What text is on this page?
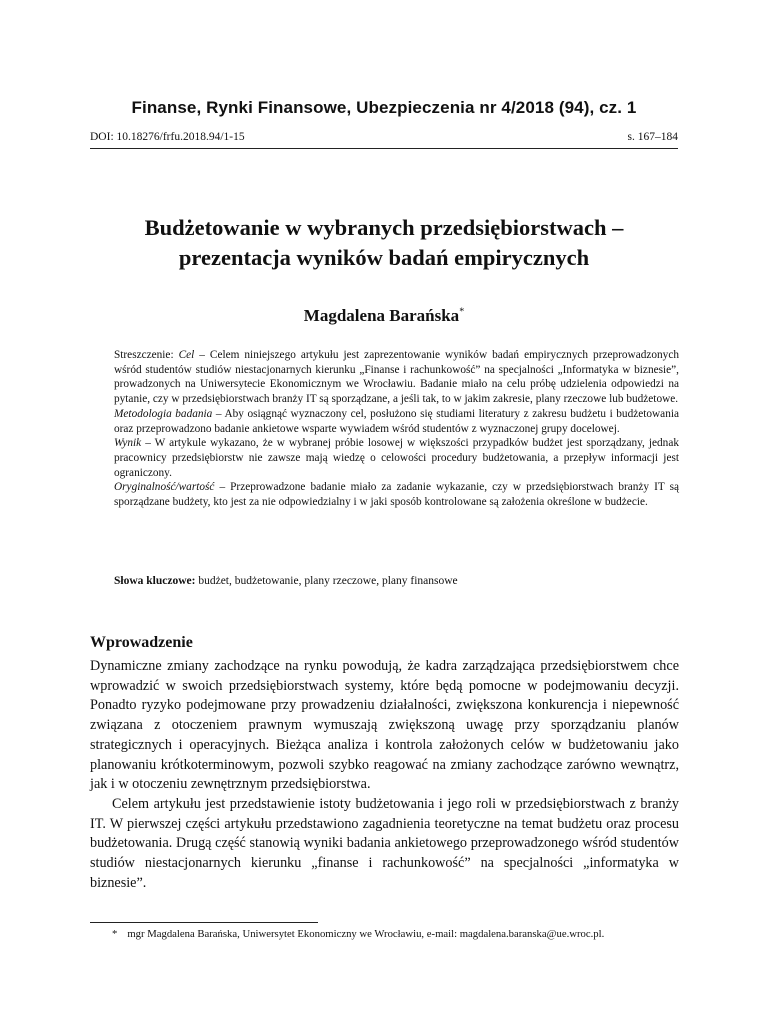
Finanse, Rynki Finansowe, Ubezpieczenia nr 4/2018 (94), cz. 1
DOI: 10.18276/frfu.2018.94/1-15	s. 167–184
Budżetowanie w wybranych przedsiębiorstwach –
prezentacja wyników badań empirycznych
Magdalena Barańska*

Streszczenie: Cel – Celem niniejszego artykułu jest zaprezentowanie wyników badań empirycznych przeprowadzonych wśród studentów studiów niestacjonarnych kierunku „Finanse i rachunkowość” na specjalności „Informatyka w biznesie”, prowadzonych na Uniwersytecie Ekonomicznym we Wrocławiu. Badanie miało na celu próbę udzielenia odpowiedzi na pytanie, czy w przedsiębiorstwach branży IT są sporządzane, a jeśli tak, to w jakim zakresie, plany rzeczowe lub budżetowe.

Metodologia badania – Aby osiągnąć wyznaczony cel, posłużono się studiami literatury z zakresu budżetu i budżetowania oraz przeprowadzono badanie ankietowe wsparte wywiadem wśród studentów z wyznaczonej grupy docelowej.

Wynik – W artykule wykazano, że w wybranej próbie losowej w większości przypadków budżet jest sporządzany, jednak pracownicy przedsiębiorstw nie zawsze mają wiedzę o celowości procedury budżetowania, a przepływ informacji jest ograniczony.

Oryginalność/wartość – Przeprowadzone badanie miało za zadanie wykazanie, czy w przedsiębiorstwach branży IT są sporządzane budżety, kto jest za nie odpowiedzialny i w jaki sposób kontrolowane są założenia określone w budżecie.

Słowa kluczowe: budżet, budżetowanie, plany rzeczowe, plany finansowe
Wprowadzenie

Dynamiczne zmiany zachodzące na rynku powodują, że kadra zarządzająca przedsiębiorstwem chce wprowadzić w swoich przedsiębiorstwach systemy, które będą pomocne w podejmowaniu decyzji. Ponadto ryzyko podejmowane przy prowadzeniu działalności, zwiększona konkurencja i niepewność związana z otoczeniem prawnym wymuszają zwiększoną uwagę przy sporządzaniu planów strategicznych i operacyjnych. Bieżąca analiza i kontrola założonych celów w budżetowaniu jako planowaniu krótkoterminowym, pozwoli szybko reagować na zmiany zachodzące zarówno wewnątrz, jak i w otoczeniu zewnętrznym przedsiębiorstwa.

Celem artykułu jest przedstawienie istoty budżetowania i jego roli w przedsiębiorstwach z branży IT. W pierwszej części artykułu przedstawiono zagadnienia teoretyczne na temat budżetu oraz procesu budżetowania. Drugą część stanowią wyniki badania ankietowego przeprowadzonego wśród studentów studiów niestacjonarnych kierunku „finanse i rachunkowość” na specjalności „informatyka w biznesie”.

* mgr Magdalena Barańska, Uniwersytet Ekonomiczny we Wrocławiu, e-mail: magdalena.baranska@ue.wroc.pl.
